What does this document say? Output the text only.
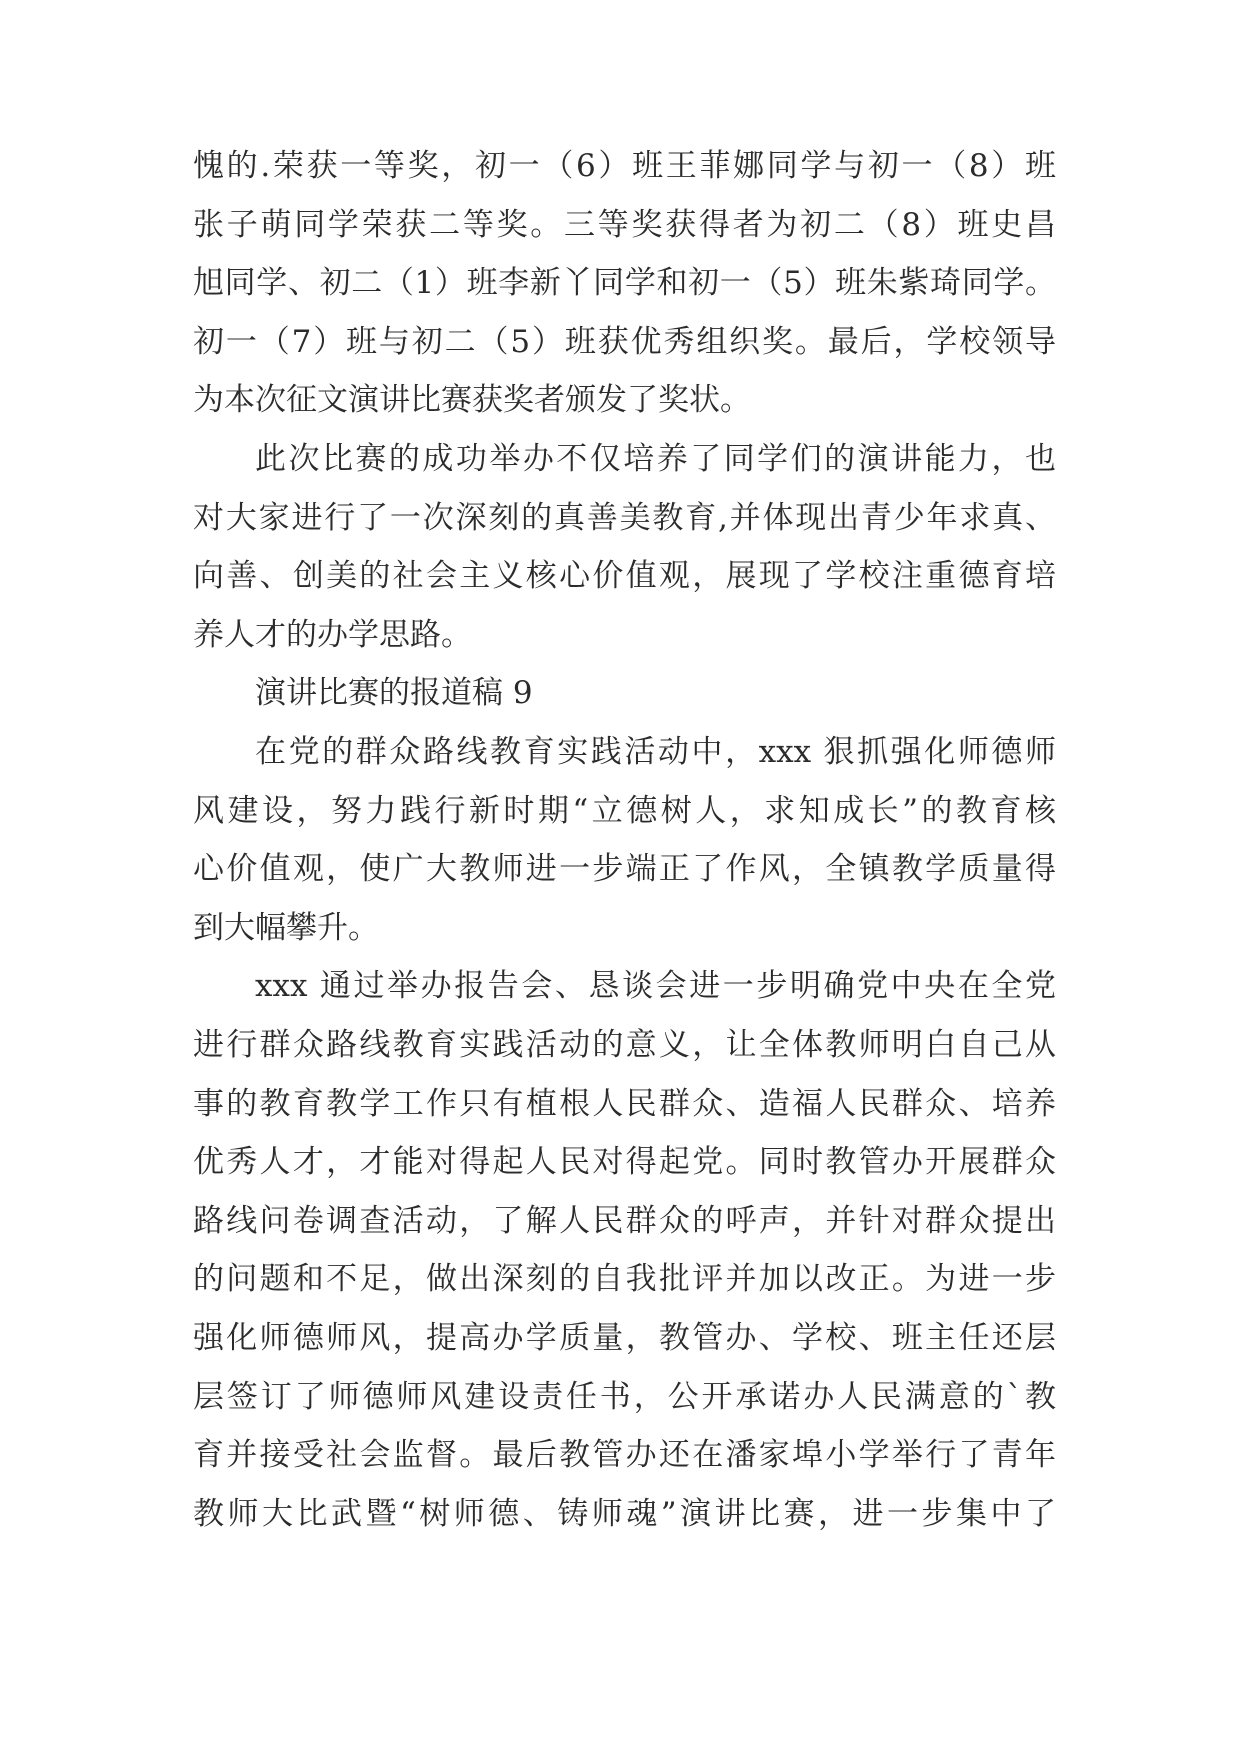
愧的.荣获一等奖，初一（6）班王菲娜同学与初一（8）班
张子萌同学荣获二等奖。三等奖获得者为初二（8）班史昌
旭同学、初二（1）班李新丫同学和初一（5）班朱紫琦同学。
初一（7）班与初二（5）班获优秀组织奖。最后，学校领导
为本次征文演讲比赛获奖者颁发了奖状。
此次比赛的成功举办不仅培养了同学们的演讲能力，也
对大家进行了一次深刻的真善美教育,并体现出青少年求真、
向善、创美的社会主义核心价值观，展现了学校注重德育培
养人才的办学思路。
演讲比赛的报道稿 9
在党的群众路线教育实践活动中，xxx 狠抓强化师德师
风建设，努力践行新时期“立德树人，求知成长”的教育核
心价值观，使广大教师进一步端正了作风，全镇教学质量得
到大幅攀升。
xxx 通过举办报告会、恳谈会进一步明确党中央在全党
进行群众路线教育实践活动的意义，让全体教师明白自己从
事的教育教学工作只有植根人民群众、造福人民群众、培养
优秀人才，才能对得起人民对得起党。同时教管办开展群众
路线问卷调查活动，了解人民群众的呼声，并针对群众提出
的问题和不足，做出深刻的自我批评并加以改正。为进一步
强化师德师风，提高办学质量，教管办、学校、班主任还层
层签订了师德师风建设责任书，公开承诺办人民满意的`教
育并接受社会监督。最后教管办还在潘家埠小学举行了青年
教师大比武暨“树师德、铸师魂”演讲比赛，进一步集中了
